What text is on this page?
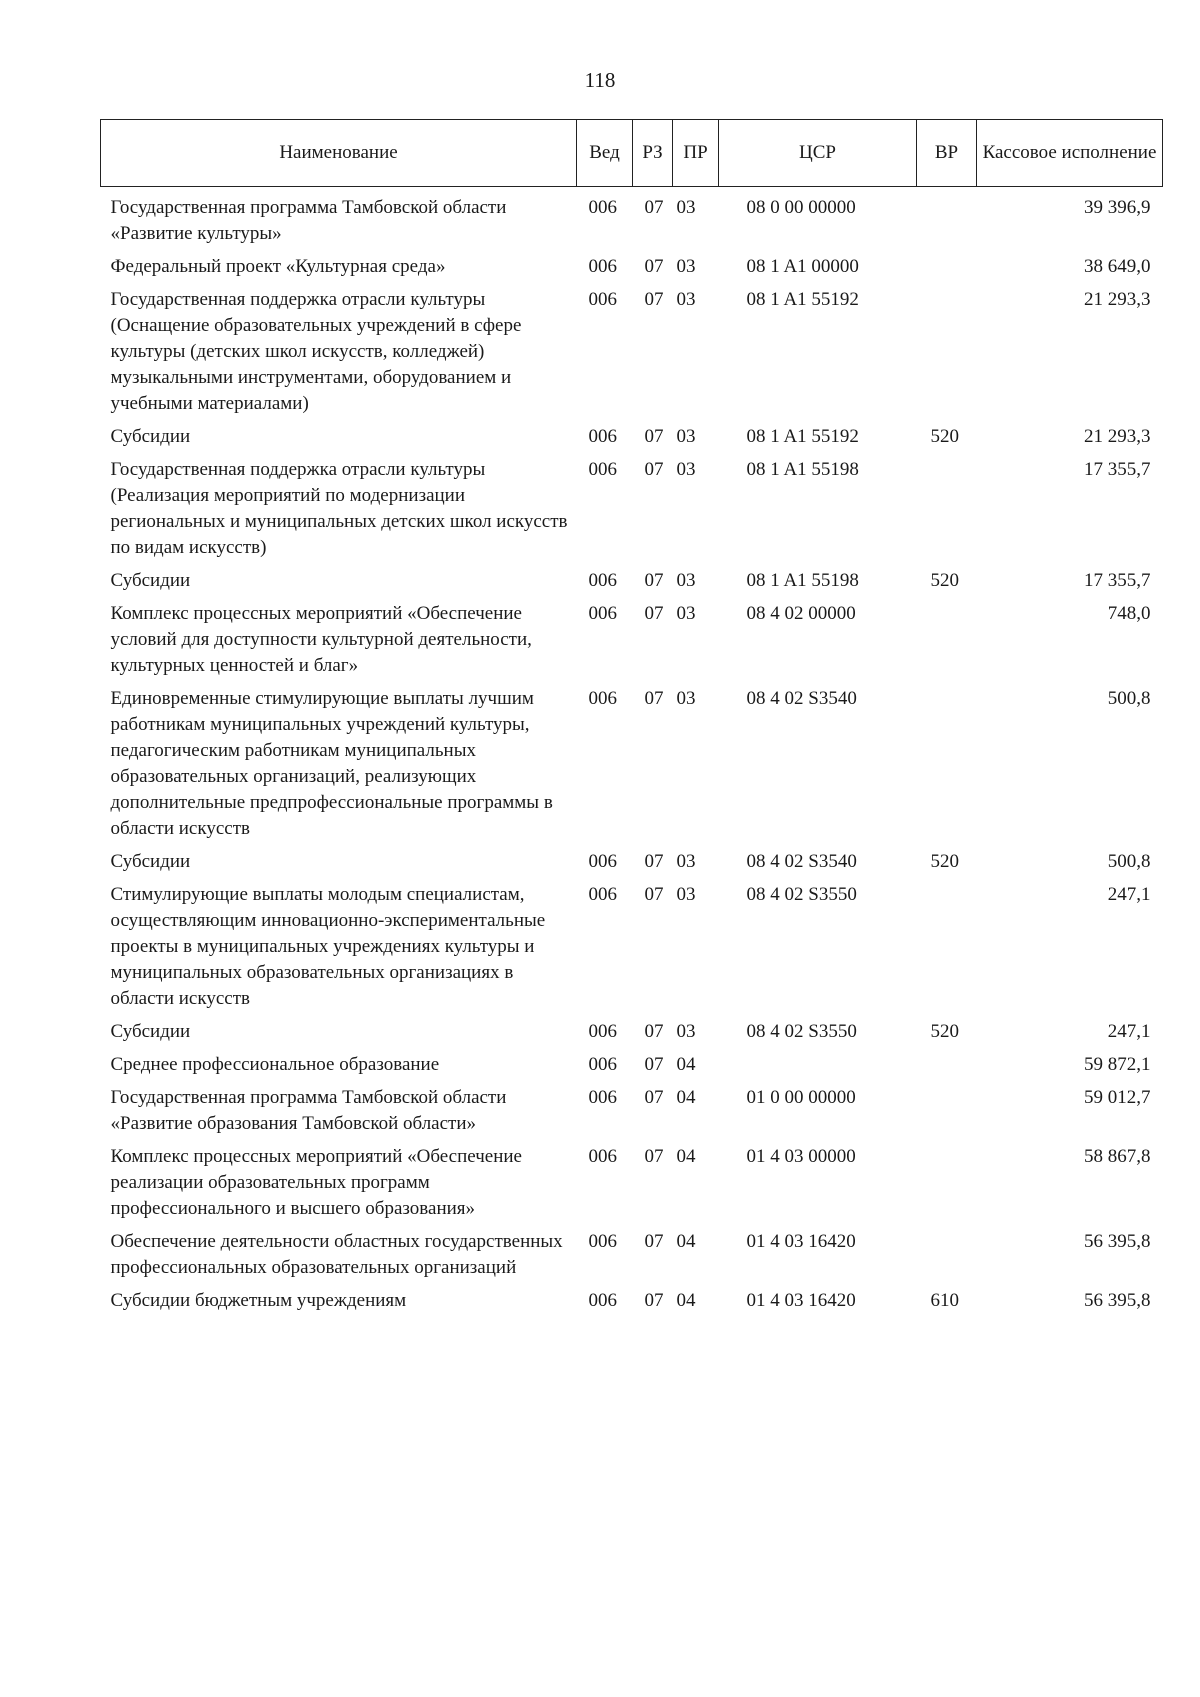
118
Наименование	Вед	РЗ	ПР	ЦСР	ВР	Кассовое исполнение
Государственная программа Тамбовской области «Развитие культуры»	006	07	03	08 0 00 00000		39 396,9
Федеральный проект «Культурная среда»	006	07	03	08 1 A1 00000		38 649,0
Государственная поддержка отрасли культуры (Оснащение образовательных учреждений в сфере культуры (детских школ искусств, колледжей) музыкальными инструментами, оборудованием и учебными материалами)	006	07	03	08 1 A1 55192		21 293,3
Субсидии	006	07	03	08 1 A1 55192	520	21 293,3
Государственная поддержка отрасли культуры (Реализация мероприятий по модернизации региональных и муниципальных детских школ искусств по видам искусств)	006	07	03	08 1 A1 55198		17 355,7
Субсидии	006	07	03	08 1 A1 55198	520	17 355,7
Комплекс процессных мероприятий «Обеспечение условий для доступности культурной деятельности, культурных ценностей и благ»	006	07	03	08 4 02 00000		748,0
Единовременные стимулирующие выплаты лучшим работникам муниципальных учреждений культуры, педагогическим работникам муниципальных образовательных организаций, реализующих дополнительные предпрофессиональные программы в области искусств	006	07	03	08 4 02 S3540		500,8
Субсидии	006	07	03	08 4 02 S3540	520	500,8
Стимулирующие выплаты молодым специалистам, осуществляющим инновационно-экспериментальные проекты в муниципальных учреждениях культуры и муниципальных образовательных организациях в области искусств	006	07	03	08 4 02 S3550		247,1
Субсидии	006	07	03	08 4 02 S3550	520	247,1
Среднее профессиональное образование	006	07	04			59 872,1
Государственная программа Тамбовской области «Развитие образования Тамбовской области»	006	07	04	01 0 00 00000		59 012,7
Комплекс процессных мероприятий «Обеспечение реализации образовательных программ профессионального и высшего образования»	006	07	04	01 4 03 00000		58 867,8
Обеспечение деятельности областных государственных профессиональных образовательных организаций	006	07	04	01 4 03 16420		56 395,8
Субсидии бюджетным учреждениям	006	07	04	01 4 03 16420	610	56 395,8
